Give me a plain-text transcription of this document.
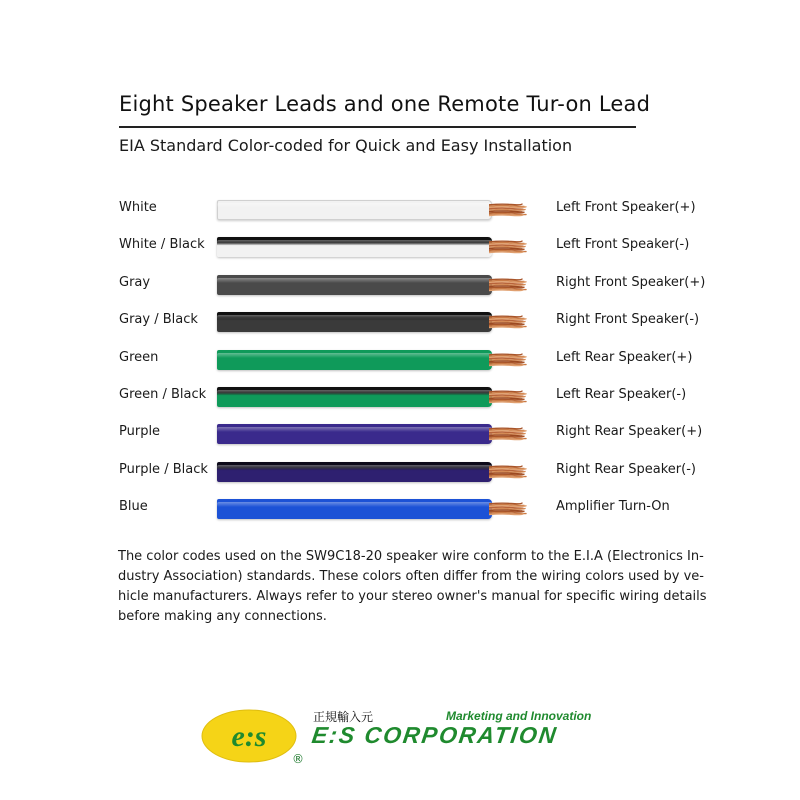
Eight Speaker Leads and one Remote Tur-on Lead
EIA Standard Color-coded for Quick and Easy Installation
White	Left Front Speaker(+)
White / Black	Left Front Speaker(-)
Gray	Right Front Speaker(+)
Gray / Black	Right Front Speaker(-)
Green	Left Rear Speaker(+)
Green / Black	Left Rear Speaker(-)
Purple	Right Rear Speaker(+)
Purple / Black	Right Rear Speaker(-)
Blue	Amplifier Turn-On
The color codes used on the SW9C18-20 speaker wire conform to the E.I.A (Electronics In-
dustry Association) standards. These colors often differ from the wiring colors used by ve-
hicle manufacturers. Always refer to your stereo owner's manual for specific wiring details
before making any connections.
e:s
®
正規輸入元	Marketing and Innovation
E:S CORPORATION
